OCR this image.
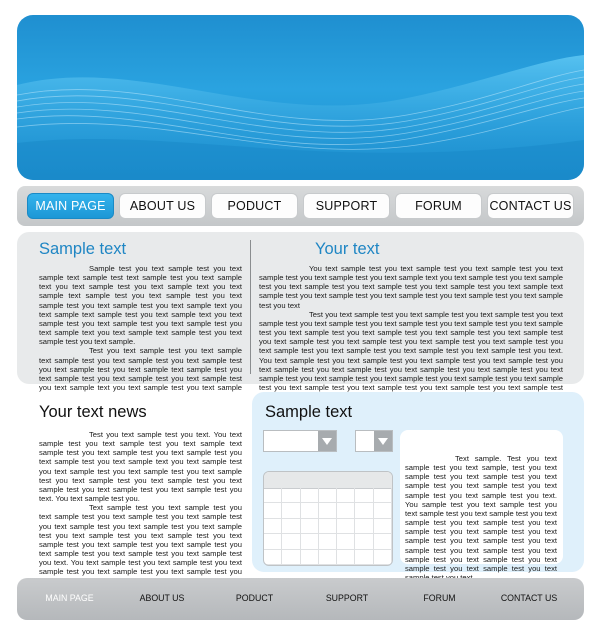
MAIN PAGE	ABOUT US	PODUCT	SUPPORT	FORUM	CONTACT US
Sample text

Sample test you text sample test you text sample text sample test text sample test you text sample text you text sample test you text sample text you text sample text sample test you text sample test you text sample test you text sample test you text sample text you text sample text sample test you text sample text you text sample test you text sample test you text sample test you text sample text you text sample text sample test you text sample test you text sample.

Test you text sample test you text sample text sample test you text sample test you text sample test you text sample test you text sample text sample test you text sample test you text sample test you text sample test you text sample text you text sample test you text sample

Your text

You text sample test you text sample test you text sample test you text sample test you text sample test you text sample text you text sample test you text sample test you text sample test you text sample test you text sample test you text sample text sample test you text sample test you text sample test you text sample test you text sample test you text

Test you text sample test you text sample test you text sample test you text sample test you text sample test you text sample test you text sample test you text sample test you text sample test you text sample test you text sample test you text sample test you text sample test you text sample test you text sample test you text sample test you text sample test you text sample test you text sample test you text sample test you text. You text sample test you text sample test you text sample test you text sample test you text sample test you text sample test you text sample test you text sample test you text sample test you text sample test you text sample test you text sample test you text sample test you text sample test you text sample test you text sample test you text sample test

Your text news

Test you text sample test you text. You text sample test you text sample test you text sample text sample test you text sample test you text sample test you text sample test you text sample text you text sample test you text sample test you text sample test you text sample test you text sample test you text sample test you text sample test you text sample test you text sample test you text. You text sample test you.

Text sample test you text sample test you text sample test you text sample test you text sample test you text sample test you text sample test you text sample test you text sample test you text sample test you text sample test you text sample test you text sample test you text sample test you text sample test you text sample test you text. You text sample test you text sample test you text sample test you text sample test you text sample test you

Sample text

Text sample. Test you text sample test you text sample, test you text sample test you text sample test you text sample test you text sample test you text sample test you text sample test you text. You sample test you text sample test you text sample test you text sample test you text sample test you text sample test you text sample test you text sample test you text sample test you text sample test you text sample test you text sample test you text sample test you text sample test you text sample test you text sample test you text

MAIN PAGE	ABOUT US	PODUCT	SUPPORT	FORUM	CONTACT US
